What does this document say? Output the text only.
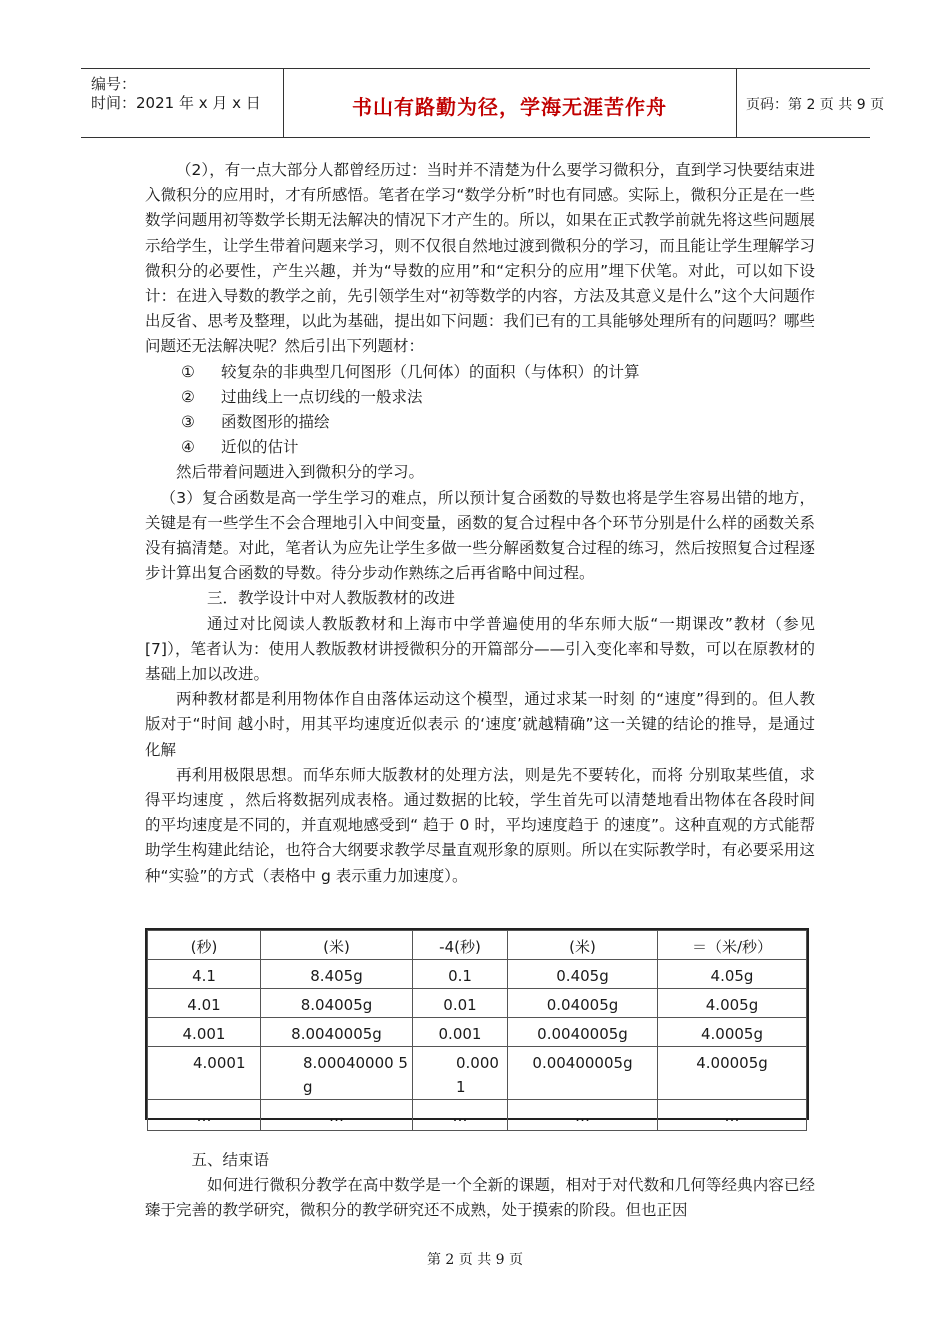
编号：
时间：2021 年 x 月 x 日	书山有路勤为径，学海无涯苦作舟	页码：第 2 页 共 9 页

（2），有一点大部分人都曾经历过：当时并不清楚为什么要学习微积分，直到学习快要结束进入微积分的应用时，才有所感悟。笔者在学习“数学分析”时也有同感。实际上，微积分正是在一些数学问题用初等数学长期无法解决的情况下才产生的。所以，如果在正式教学前就先将这些问题展示给学生，让学生带着问题来学习，则不仅很自然地过渡到微积分的学习，而且能让学生理解学习微积分的必要性，产生兴趣，并为“导数的应用”和“定积分的应用”埋下伏笔。对此，可以如下设计：在进入导数的教学之前，先引领学生对“初等数学的内容，方法及其意义是什么”这个大问题作出反省、思考及整理，以此为基础，提出如下问题：我们已有的工具能够处理所有的问题吗？哪些问题还无法解决呢？然后引出下列题材：

① 较复杂的非典型几何图形（几何体）的面积（与体积）的计算

② 过曲线上一点切线的一般求法

③ 函数图形的描绘

④ 近似的估计

然后带着问题进入到微积分的学习。

（3）复合函数是高一学生学习的难点，所以预计复合函数的导数也将是学生容易出错的地方，关键是有一些学生不会合理地引入中间变量，函数的复合过程中各个环节分别是什么样的函数关系没有搞清楚。对此，笔者认为应先让学生多做一些分解函数复合过程的练习，然后按照复合过程逐步计算出复合函数的导数。待分步动作熟练之后再省略中间过程。

三．教学设计中对人教版教材的改进

通过对比阅读人教版教材和上海市中学普遍使用的华东师大版“一期课改”教材（参见[7]），笔者认为：使用人教版教材讲授微积分的开篇部分——引入变化率和导数，可以在原教材的基础上加以改进。

两种教材都是利用物体作自由落体运动这个模型，通过求某一时刻 的“速度”得到的。但人教版对于“时间 越小时，用其平均速度近似表示 的‘速度’就越精确”这一关键的结论的推导，是通过化解

再利用极限思想。而华东师大版教材的处理方法，则是先不要转化，而将 分别取某些值，求得平均速度 ，然后将数据列成表格。通过数据的比较，学生首先可以清楚地看出物体在各段时间的平均速度是不同的，并直观地感受到“ 趋于 0 时，平均速度趋于 的速度”。这种直观的方式能帮助学生构建此结论，也符合大纲要求教学尽量直观形象的原则。所以在实际教学时，有必要采用这种“实验”的方式（表格中 g 表示重力加速度）。

(秒)	(米)	-4(秒)	(米)	＝（米/秒）
4.1	8.405g	0.1	0.405g	4.05g
4.01	8.04005g	0.01	0.04005g	4.005g
4.001	8.0040005g	0.001	0.0040005g	4.0005g
4.0001	8.00040000 5g	0.0001	0.00400005g	4.00005g
…	…	…	…	…

五、结束语

如何进行微积分教学在高中数学是一个全新的课题，相对于对代数和几何等经典内容已经臻于完善的教学研究，微积分的教学研究还不成熟，处于摸索的阶段。但也正因

第 2 页 共 9 页
